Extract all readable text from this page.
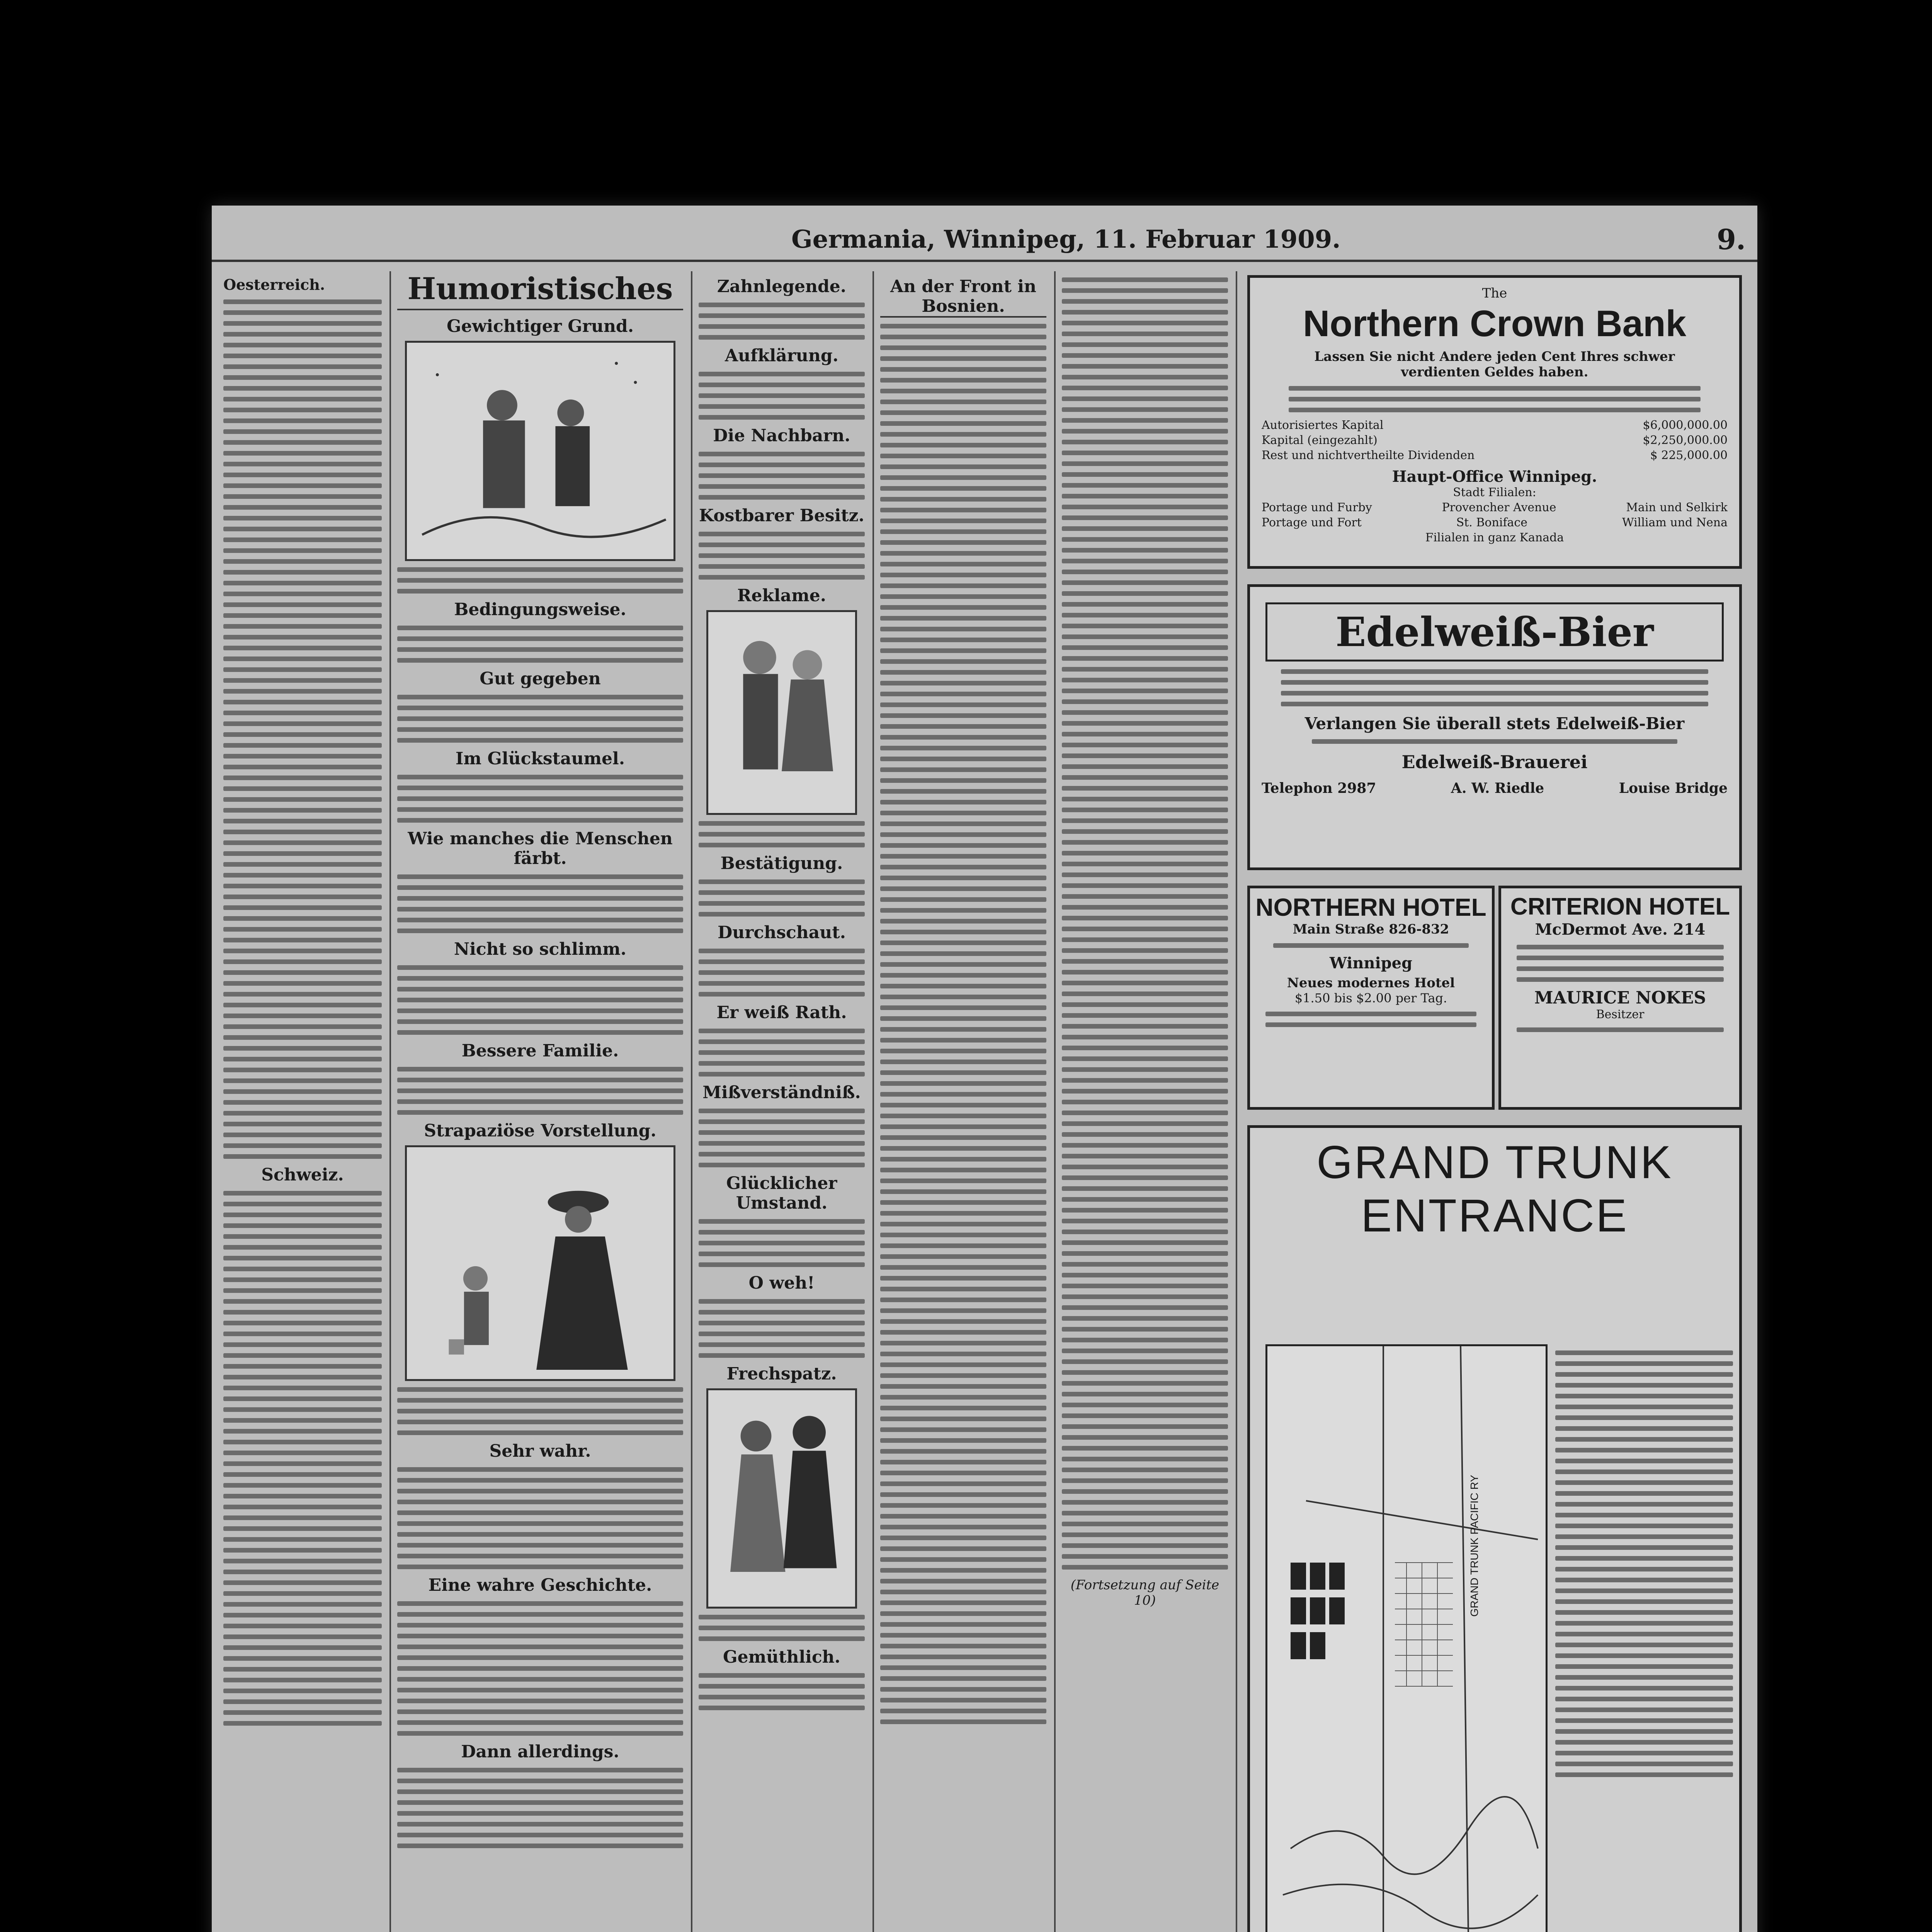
Germania, Winnipeg, 11. Februar 1909.	9.
Oesterreich.
Schweiz.
Humoristisches
Gewichtiger Grund.
Bedingungsweise.
Gut gegeben
Im Glückstaumel.
Wie manches die Menschen färbt.
Nicht so schlimm.
Bessere Familie.
Strapaziöse Vorstellung.
Sehr wahr.
Eine wahre Geschichte.
Dann allerdings.
Zahnlegende.
Aufklärung.
Die Nachbarn.
Kostbarer Besitz.
Reklame.
Bestätigung.
Durchschaut.
Er weiß Rath.
Mißverständniß.
Glücklicher Umstand.
O weh!
Frechspatz.
Gemüthlich.
An der Front in Bosnien.
(Fortsetzung auf Seite 10)
The
Northern Crown Bank
Lassen Sie nicht Andere jeden Cent Ihres schwer verdienten Geldes haben.
Autorisiertes Kapital	$6,000,000.00
Kapital (eingezahlt)	$2,250,000.00
Rest und nichtvertheilte Dividenden	$ 225,000.00
Haupt-Office Winnipeg.
Stadt Filialen:
Portage und Furby	Provencher Avenue	Main und Selkirk
Portage und Fort	St. Boniface	William und Nena
Filialen in ganz Kanada
Edelweiß-Bier
Verlangen Sie überall stets Edelweiß-Bier
Edelweiß-Brauerei
Telephon 2987	A. W. Riedle	Louise Bridge
NORTHERN HOTEL
Main Straße 826-832
Winnipeg
Neues modernes Hotel
$1.50 bis $2.00 per Tag.
CRITERION HOTEL
McDermot Ave. 214
MAURICE NOKES
Besitzer
GRAND TRUNK
ENTRANCE
GRAND TRUNK PACIFIC RY
